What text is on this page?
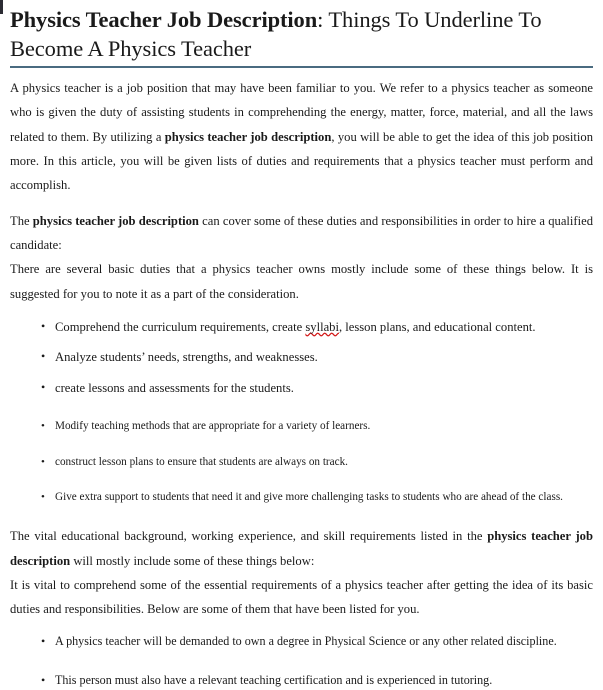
Physics Teacher Job Description: Things To Underline To Become A Physics Teacher

A physics teacher is a job position that may have been familiar to you. We refer to a physics teacher as someone who is given the duty of assisting students in comprehending the energy, matter, force, material, and all the laws related to them. By utilizing a physics teacher job description, you will be able to get the idea of this job position more. In this article, you will be given lists of duties and requirements that a physics teacher must perform and accomplish.

The physics teacher job description can cover some of these duties and responsibilities in order to hire a qualified candidate:

There are several basic duties that a physics teacher owns mostly include some of these things below. It is suggested for you to note it as a part of the consideration.

• Comprehend the curriculum requirements, create syllabi, lesson plans, and educational content.
• Analyze students’ needs, strengths, and weaknesses.
• create lessons and assessments for the students.
• Modify teaching methods that are appropriate for a variety of learners.
• construct lesson plans to ensure that students are always on track.
• Give extra support to students that need it and give more challenging tasks to students who are ahead of the class.

The vital educational background, working experience, and skill requirements listed in the physics teacher job description will mostly include some of these things below:

It is vital to comprehend some of the essential requirements of a physics teacher after getting the idea of its basic duties and responsibilities. Below are some of them that have been listed for you.

• A physics teacher will be demanded to own a degree in Physical Science or any other related discipline.
• This person must also have a relevant teaching certification and is experienced in tutoring.
